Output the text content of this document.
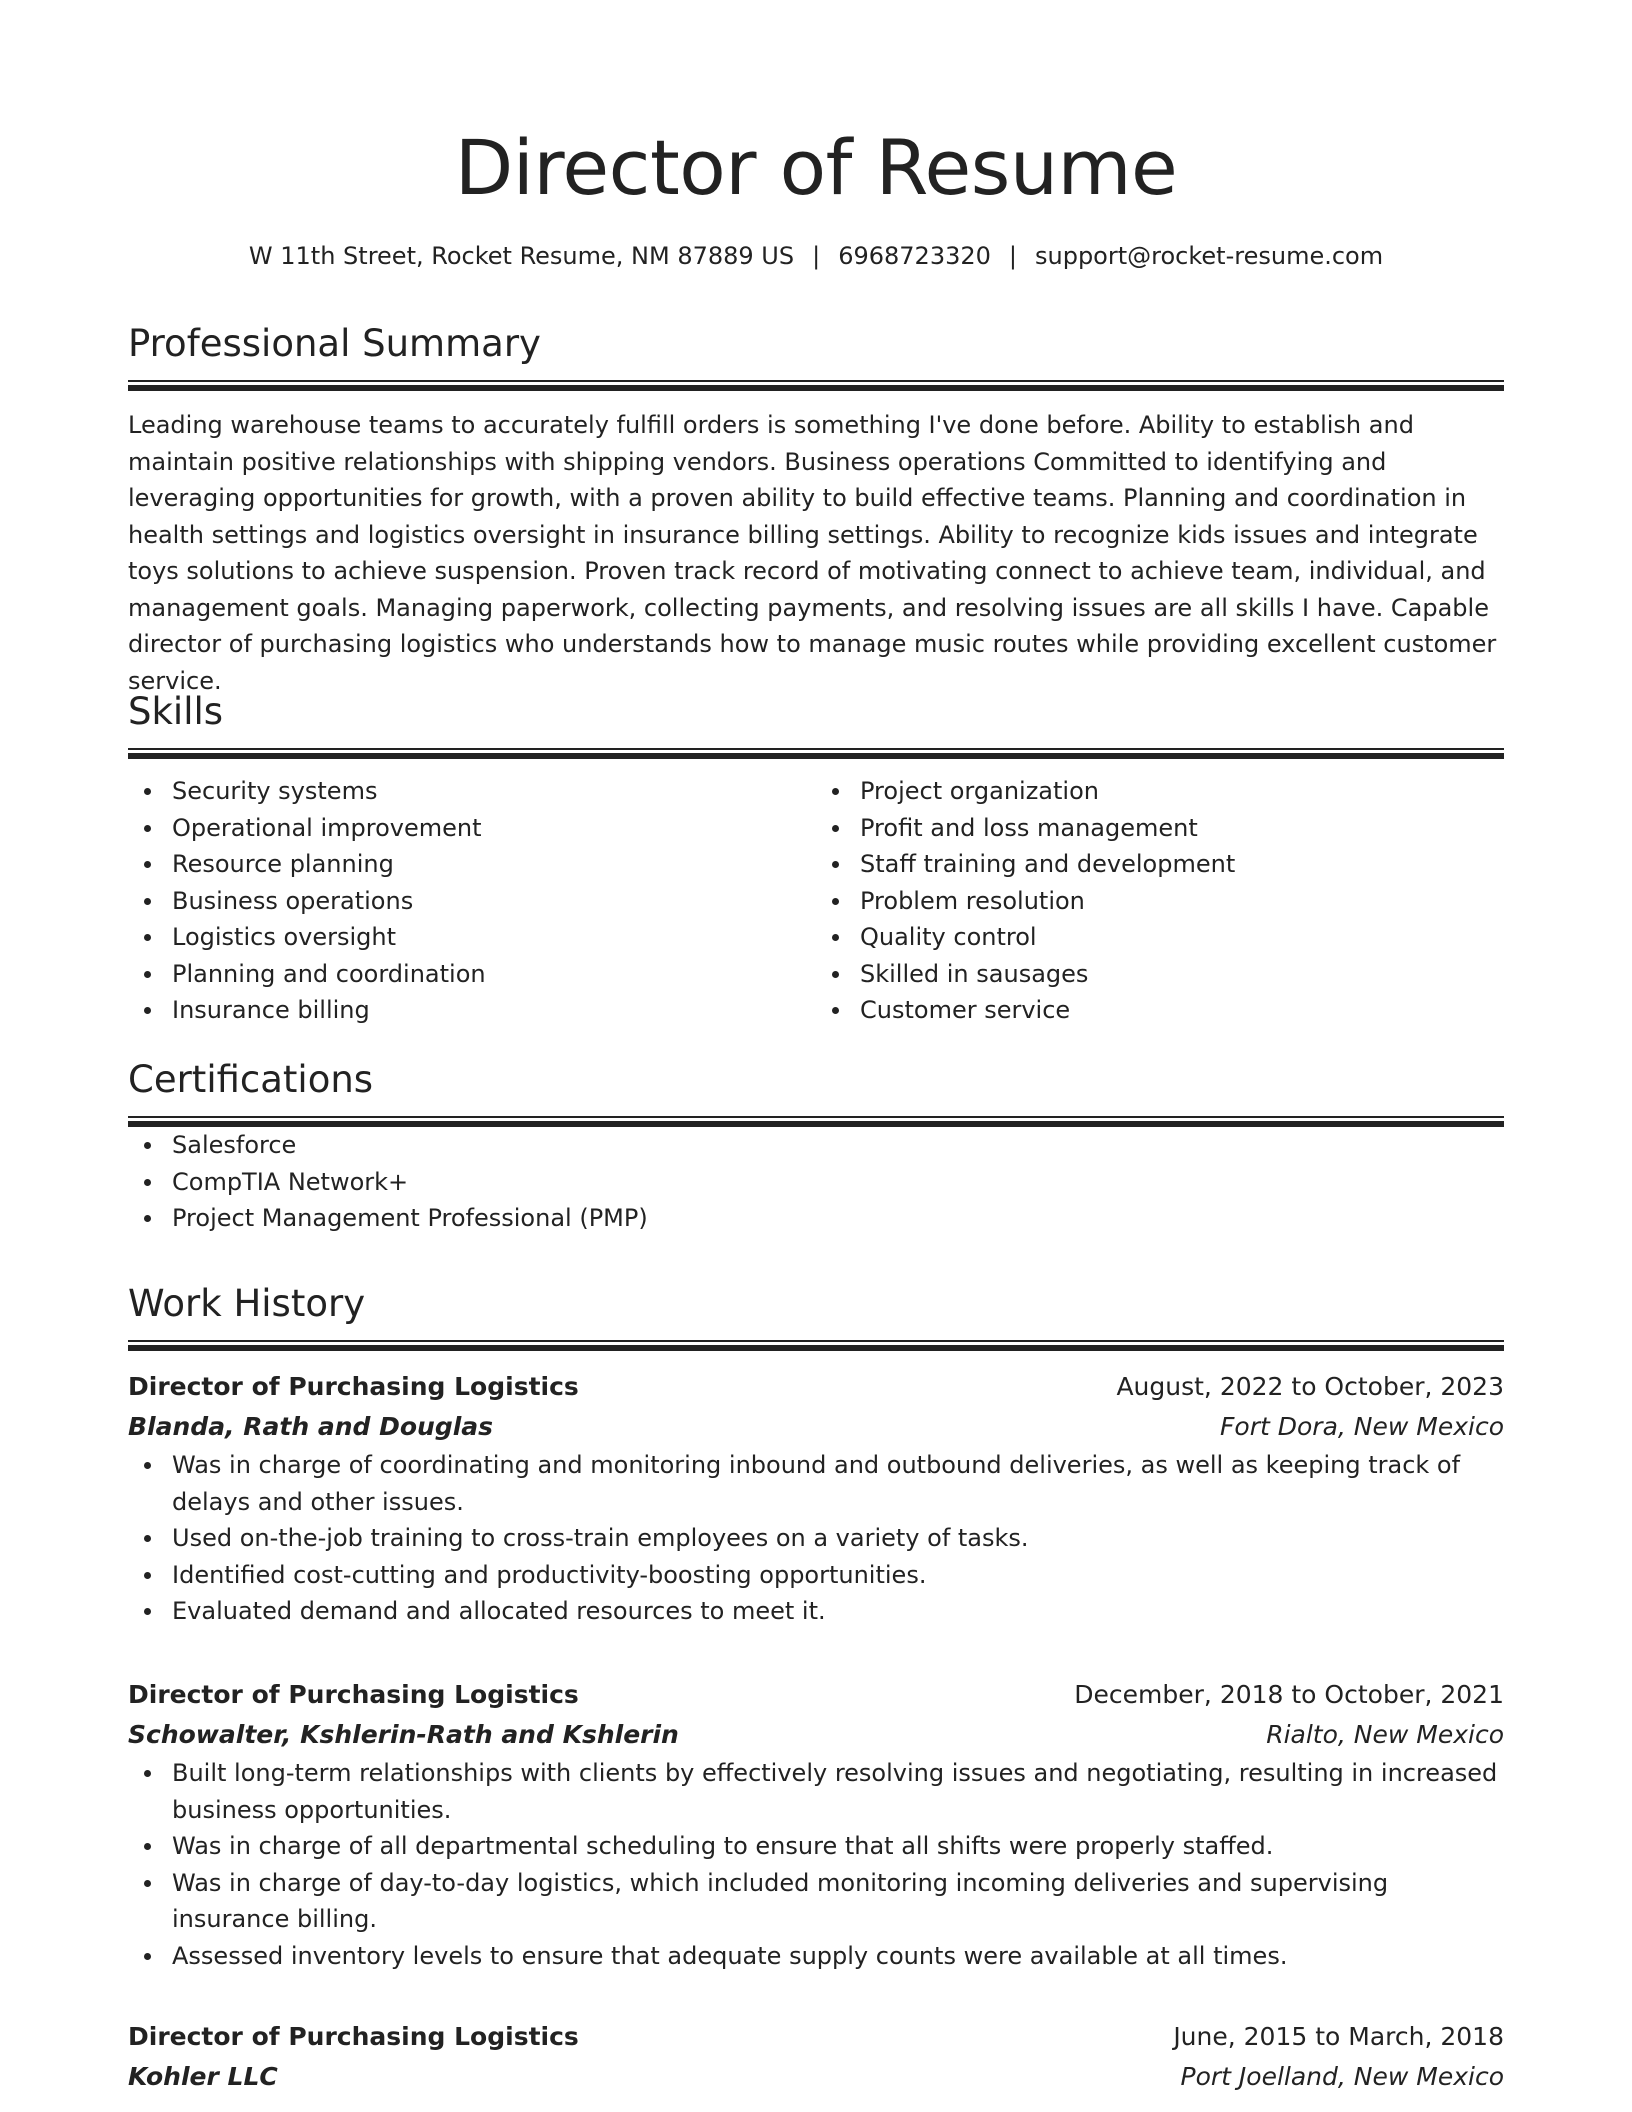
Director of Resume
W 11th Street, Rocket Resume, NM 87889 US | 6968723320 | support@rocket-resume.com
Professional Summary
Leading warehouse teams to accurately fulfill orders is something I've done before. Ability to establish and maintain positive relationships with shipping vendors. Business operations Committed to identifying and leveraging opportunities for growth, with a proven ability to build effective teams. Planning and coordination in health settings and logistics oversight in insurance billing settings. Ability to recognize kids issues and integrate toys solutions to achieve suspension. Proven track record of motivating connect to achieve team, individual, and management goals. Managing paperwork, collecting payments, and resolving issues are all skills I have. Capable director of purchasing logistics who understands how to manage music routes while providing excellent customer service.
Skills
Security systems
Operational improvement
Resource planning
Business operations
Logistics oversight
Planning and coordination
Insurance billing
Project organization
Profit and loss management
Staff training and development
Problem resolution
Quality control
Skilled in sausages
Customer service
Certifications
Salesforce
CompTIA Network+
Project Management Professional (PMP)
Work History
Director of Purchasing Logistics	August, 2022 to October, 2023
Blanda, Rath and Douglas	Fort Dora, New Mexico
Was in charge of coordinating and monitoring inbound and outbound deliveries, as well as keeping track of delays and other issues.
Used on-the-job training to cross-train employees on a variety of tasks.
Identified cost-cutting and productivity-boosting opportunities.
Evaluated demand and allocated resources to meet it.
Director of Purchasing Logistics	December, 2018 to October, 2021
Schowalter, Kshlerin-Rath and Kshlerin	Rialto, New Mexico
Built long-term relationships with clients by effectively resolving issues and negotiating, resulting in increased business opportunities.
Was in charge of all departmental scheduling to ensure that all shifts were properly staffed.
Was in charge of day-to-day logistics, which included monitoring incoming deliveries and supervising insurance billing.
Assessed inventory levels to ensure that adequate supply counts were available at all times.
Director of Purchasing Logistics	June, 2015 to March, 2018
Kohler LLC	Port Joelland, New Mexico
